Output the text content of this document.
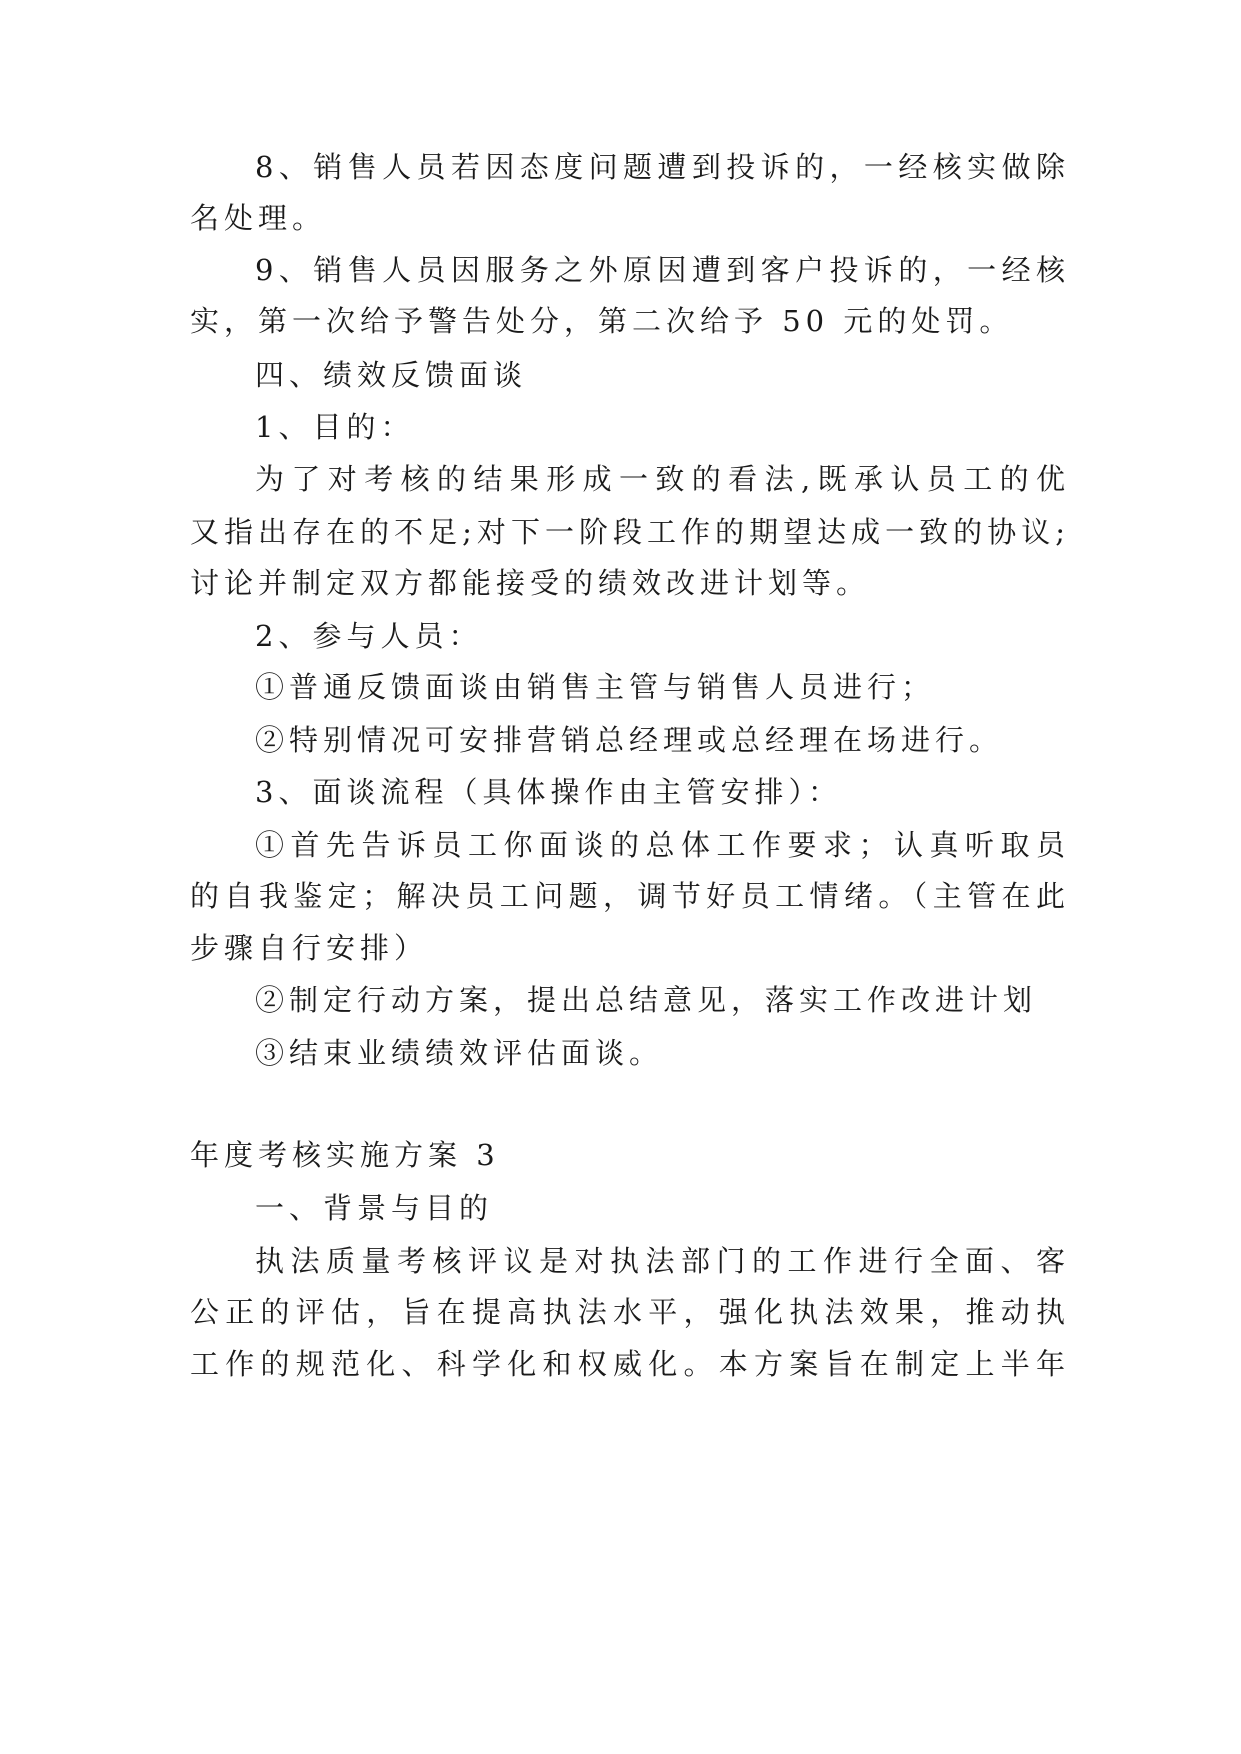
8、销售人员若因态度问题遭到投诉的，一经核实做除
名处理。
9、销售人员因服务之外原因遭到客户投诉的，一经核
实，第一次给予警告处分，第二次给予 50 元的处罚。
四、绩效反馈面谈
1、目的：
为了对考核的结果形成一致的看法,既承认员工的优
又指出存在的不足;对下一阶段工作的期望达成一致的协议;
讨论并制定双方都能接受的绩效改进计划等。
2、参与人员：
①普通反馈面谈由销售主管与销售人员进行；
②特别情况可安排营销总经理或总经理在场进行。
3、面谈流程（具体操作由主管安排）：
①首先告诉员工你面谈的总体工作要求；认真听取员
的自我鉴定；解决员工问题，调节好员工情绪。（主管在此
步骤自行安排）
②制定行动方案，提出总结意见，落实工作改进计划
③结束业绩绩效评估面谈。
年度考核实施方案 3
一、背景与目的
执法质量考核评议是对执法部门的工作进行全面、客
公正的评估，旨在提高执法水平，强化执法效果，推动执
工作的规范化、科学化和权威化。本方案旨在制定上半年
